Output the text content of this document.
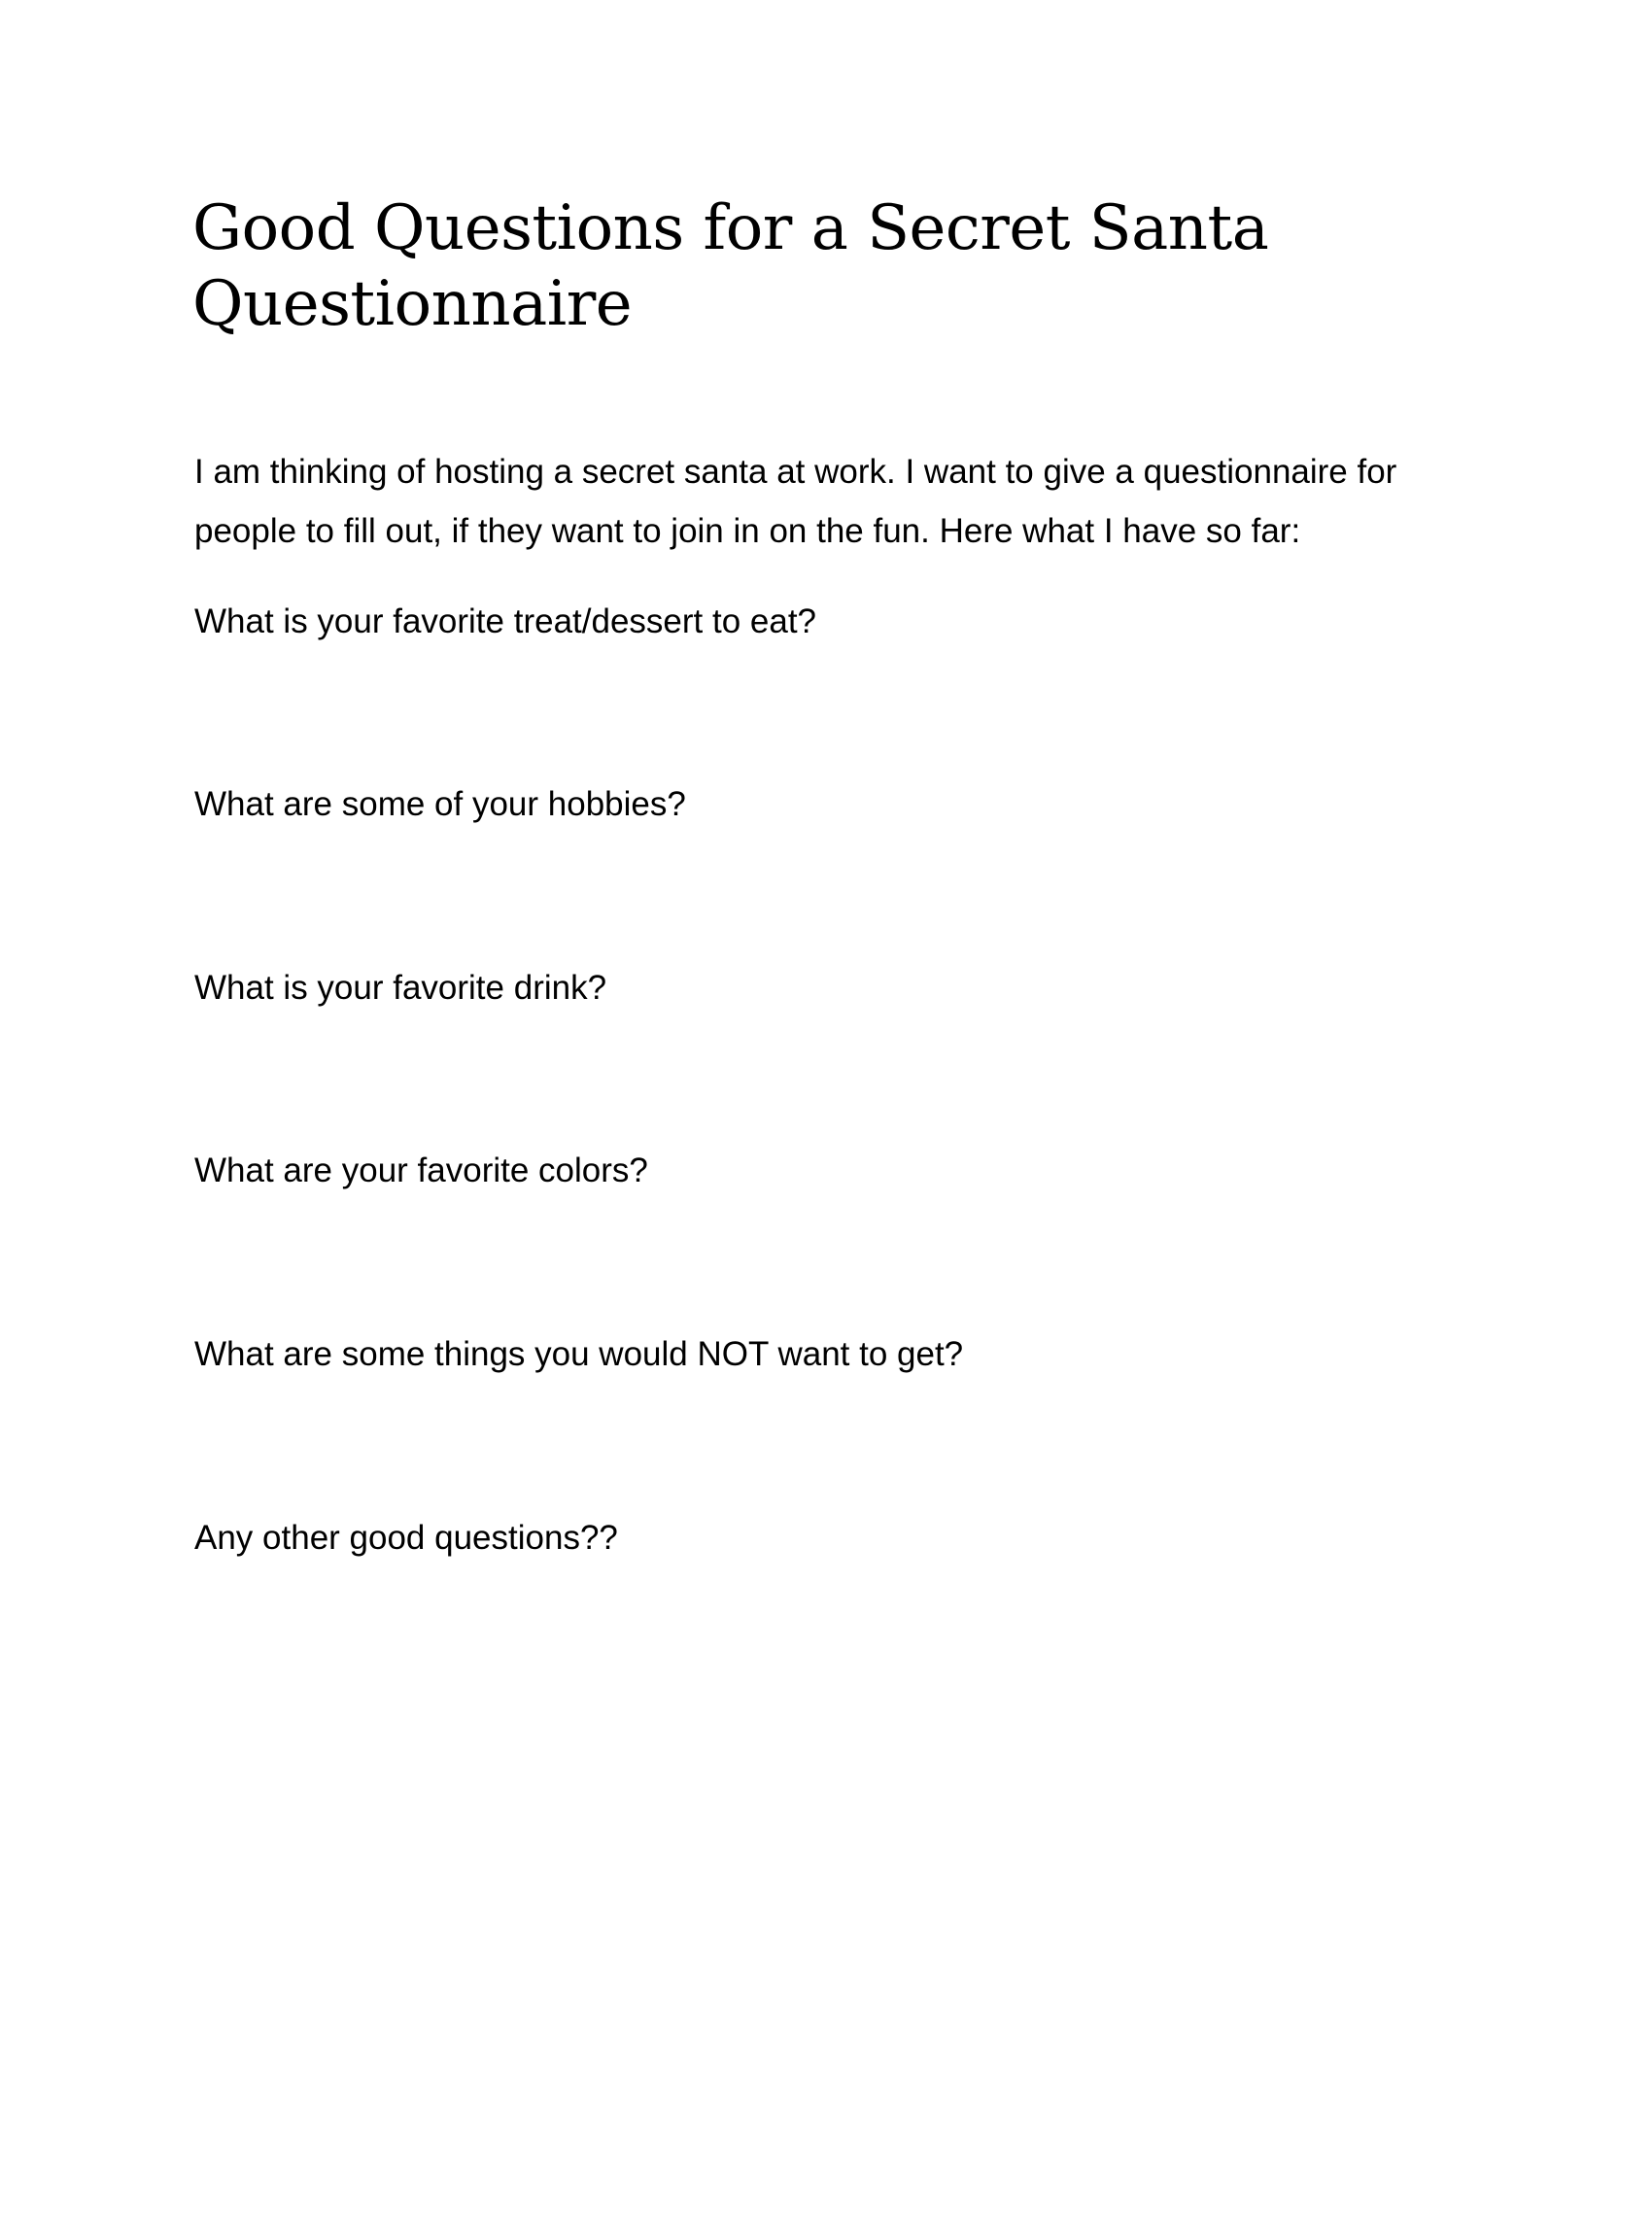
Good Questions for a Secret Santa Questionnaire

I am thinking of hosting a secret santa at work. I want to give a questionnaire for people to fill out, if they want to join in on the fun. Here what I have so far:

What is your favorite treat/dessert to eat?

What are some of your hobbies?

What is your favorite drink?

What are your favorite colors?

What are some things you would NOT want to get?

Any other good questions??
